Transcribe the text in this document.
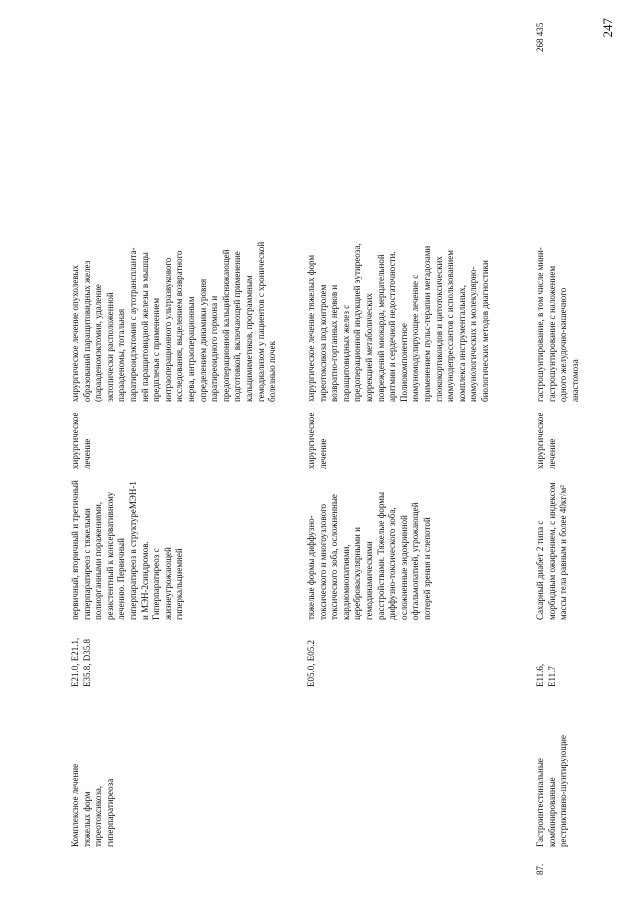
247
Комплексное лечение
тяжелых форм
тиреотоксикоза,
гиперпаратиреоза
E21.0, E21.1,
E35.8, D35.8
первичный, вторичный и третичный
гиперпаратиреоз с тяжелыми
полиорганными поражениями,
резистентный к консервативному
лечению. Первичный
гиперпаратиреоз в структуреМЭН-1
и МЭН-2синдромов.
Гиперпаратиреоз с
жизнеугрожающей
гиперкальциемией
хирургическое
лечение
хирургическое лечение опухолевых
образований паращитовидных желез
(парааденомэктомия, удаление
эктопически расположенной
парааденомы, тотальная
паратиреоидэктомия с аутотранcплантa-
ней паращитовидной железы в мышцы
предплечья с применением
интраоперационного ультразвукового
исследования, выделением возвратного
нерва, интраоперационным
определением динамики уровня
паратиреоидного гормона и
предоперационной кальцийснижающей
подготовкой, включающей применение
кальцимиметиков, программным
гемодиализом у пациентов с хронической
болезнью почек
E05.0, E05.2
тяжелые формы диффузно-
токсического и многоузлового
токсического зоба, осложненные
кардиомиопатиями,
цереброваскулярными и
гемодинамическими
расстройствами. Тяжелые формы
диффузно-токсического зоба,
осложненные эндокринной
офтальмопатией, угрожающей
потерей зрения и слепотой
хирургическое
лечение
хирургическое лечение тяжелых форм
тиреотоксикоза под контролем
возвратно-гортанных нервов и
паращитовидных желез с
предоперационной индукцией эутиреоза,
коррекцией метаболических
повреждений миокарда, мерцательной
аритмии и сердечной недостаточности.
Полиокомпонентное
иммуномодулирующее лечение с
применением пульс-терапии мегадозами
глюкокортикоидов и цитотоксических
иммунодепрессантов с использованием
комплекса инструментальных,
иммунологических и молекулярно-
биологических методов диагностики
87.
Гастроинтестинальные
комбинированные
рестриктивно-шунтирующие
E11.6,
E11.7
Сахарный диабет 2 типа с
морбидным ожирением, с индексом
массы тела равным и более 40кг/м²
хирургическое
лечение
гастрошунтирование, в том числе мини-
гастрошунтирование с наложением
одного желудочно-кишечного
анастомоза
268 435
